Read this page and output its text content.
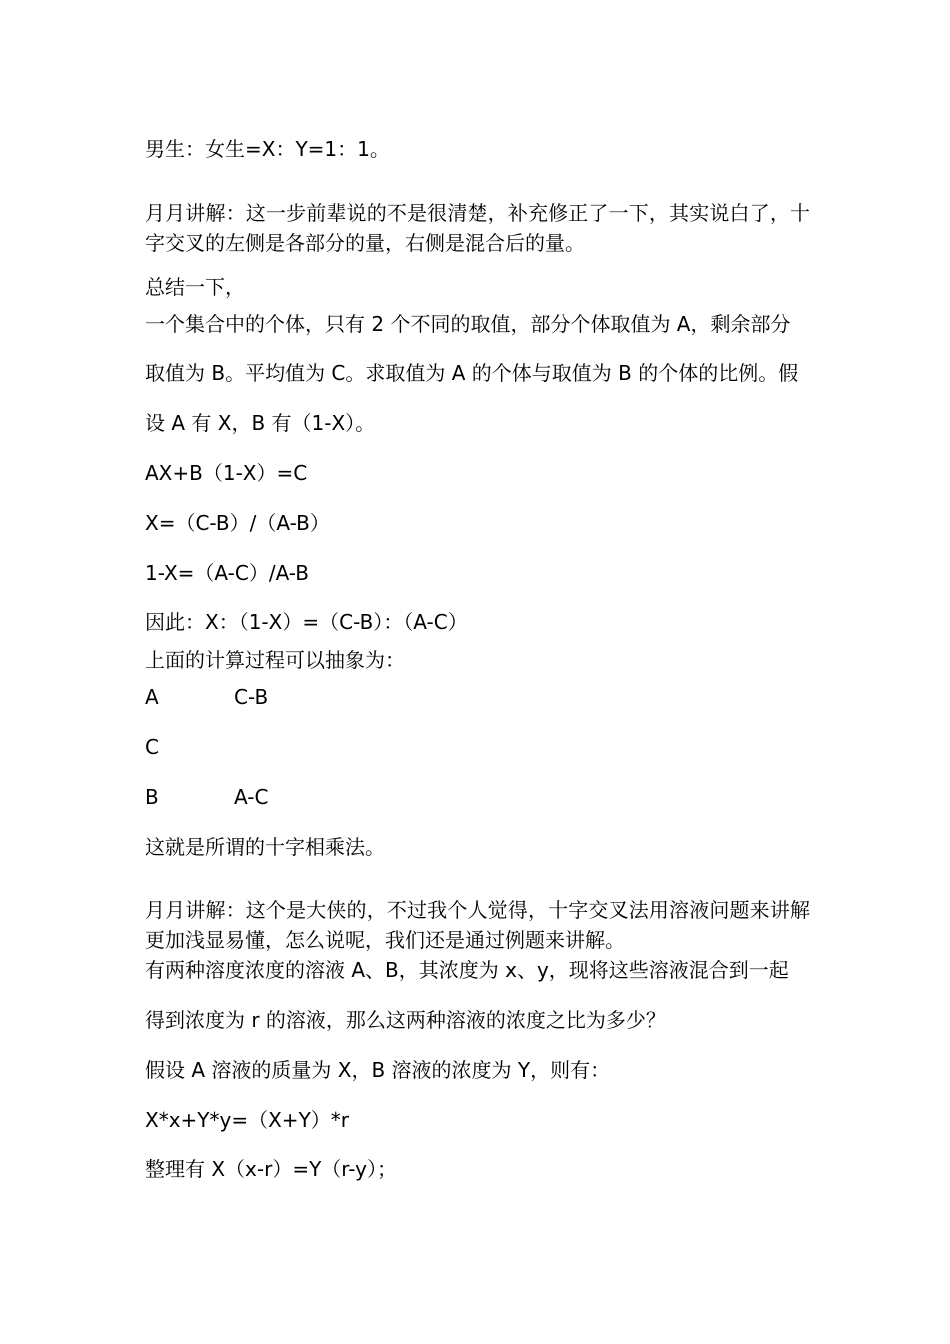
男生：女生=X：Y=1：1。

月月讲解：这一步前辈说的不是很清楚，补充修正了一下，其实说白了，十字交叉的左侧是各部分的量，右侧是混合后的量。

总结一下，

一个集合中的个体，只有 2 个不同的取值，部分个体取值为 A，剩余部分

取值为 B。平均值为 C。求取值为 A 的个体与取值为 B 的个体的比例。假

设 A 有 X，B 有（1-X）。

AX+B（1-X）=C

X=（C-B）/（A-B）

1-X=（A-C）/A-B

因此：X：（1-X）=（C-B）：（A-C）

上面的计算过程可以抽象为：

A	C-B

C

B	A-C

这就是所谓的十字相乘法。

月月讲解：这个是大侠的，不过我个人觉得，十字交叉法用溶液问题来讲解更加浅显易懂，怎么说呢，我们还是通过例题来讲解。

有两种溶度浓度的溶液 A、B，其浓度为 x、y，现将这些溶液混合到一起

得到浓度为 r 的溶液，那么这两种溶液的浓度之比为多少？

假设 A 溶液的质量为 X，B 溶液的浓度为 Y，则有：

X*x+Y*y=（X+Y）*r

整理有 X（x-r）=Y（r-y）；
